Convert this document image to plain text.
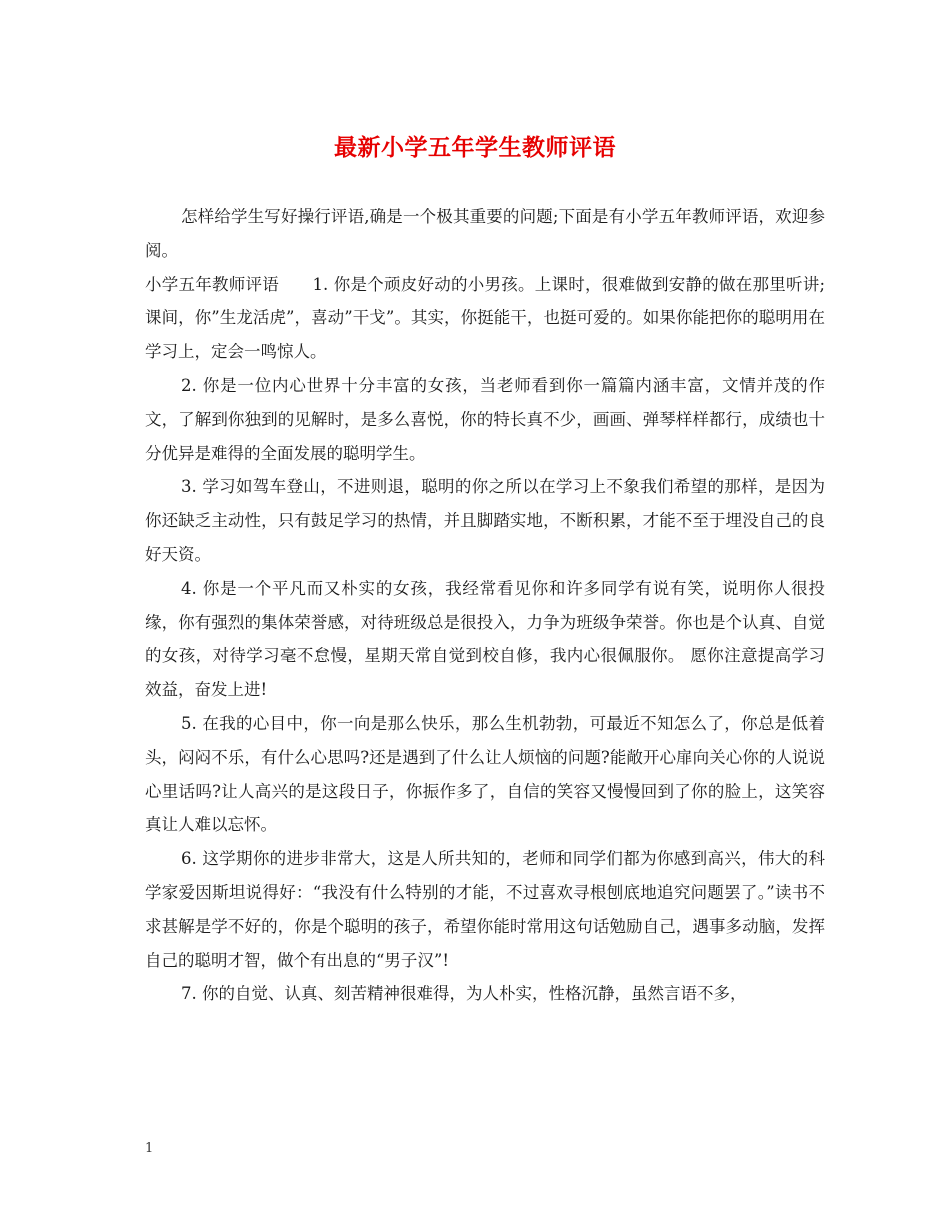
最新小学五年学生教师评语

怎样给学生写好操行评语,确是一个极其重要的问题;下面是有小学五年教师评语，欢迎参阅。

小学五年教师评语　　1. 你是个顽皮好动的小男孩。上课时，很难做到安静的做在那里听讲;课间，你”生龙活虎”，喜动”干戈”。其实，你挺能干，也挺可爱的。如果你能把你的聪明用在学习上，定会一鸣惊人。

2. 你是一位内心世界十分丰富的女孩，当老师看到你一篇篇内涵丰富，文情并茂的作文，了解到你独到的见解时，是多么喜悦，你的特长真不少，画画、弹琴样样都行，成绩也十分优异是难得的全面发展的聪明学生。

3. 学习如驾车登山，不进则退，聪明的你之所以在学习上不象我们希望的那样，是因为你还缺乏主动性，只有鼓足学习的热情，并且脚踏实地，不断积累，才能不至于埋没自己的良好天资。

4. 你是一个平凡而又朴实的女孩，我经常看见你和许多同学有说有笑，说明你人很投缘，你有强烈的集体荣誉感，对待班级总是很投入，力争为班级争荣誉。你也是个认真、自觉的女孩，对待学习毫不怠慢，星期天常自觉到校自修，我内心很佩服你。 愿你注意提高学习效益，奋发上进!

5. 在我的心目中，你一向是那么快乐，那么生机勃勃，可最近不知怎么了，你总是低着头，闷闷不乐，有什么心思吗?还是遇到了什么让人烦恼的问题?能敞开心扉向关心你的人说说心里话吗?让人高兴的是这段日子，你振作多了，自信的笑容又慢慢回到了你的脸上，这笑容真让人难以忘怀。

6. 这学期你的进步非常大，这是人所共知的，老师和同学们都为你感到高兴，伟大的科学家爱因斯坦说得好：“我没有什么特别的才能，不过喜欢寻根刨底地追究问题罢了。”读书不求甚解是学不好的，你是个聪明的孩子，希望你能时常用这句话勉励自己，遇事多动脑，发挥自己的聪明才智，做个有出息的“男子汉”!

7. 你的自觉、认真、刻苦精神很难得，为人朴实，性格沉静，虽然言语不多，

1
